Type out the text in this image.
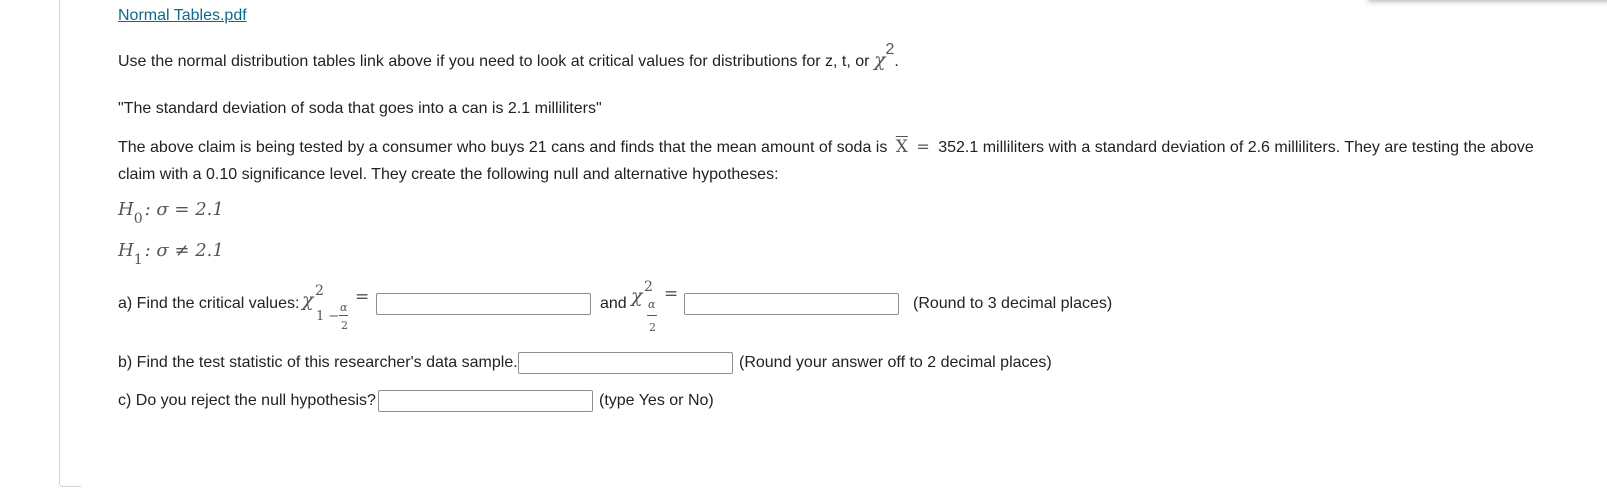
Normal Tables.pdf
Use the normal distribution tables link above if you need to look at critical values for distributions for z, t, or χ2.
"The standard deviation of soda that goes into a can is 2.1 milliliters"
The above claim is being tested by a consumer who buys 21 cans and finds that the mean amount of soda is $\overline{X} = 352.1$ milliliters with a standard deviation of 2.6 milliliters. They are testing the above
claim with a 0.10 significance level. They create the following null and alternative hypotheses:
$H_0$ : σ = 2.1
$H_1$ : σ ≠ 2.1
a) Find the critical values: χ 2
1 −
α
2
=	and χ 2
α
2
=	(Round to 3 decimal places)
b) Find the test statistic of this researcher's data sample.	(Round your answer off to 2 decimal places)
c) Do you reject the null hypothesis?	(type Yes or No)
